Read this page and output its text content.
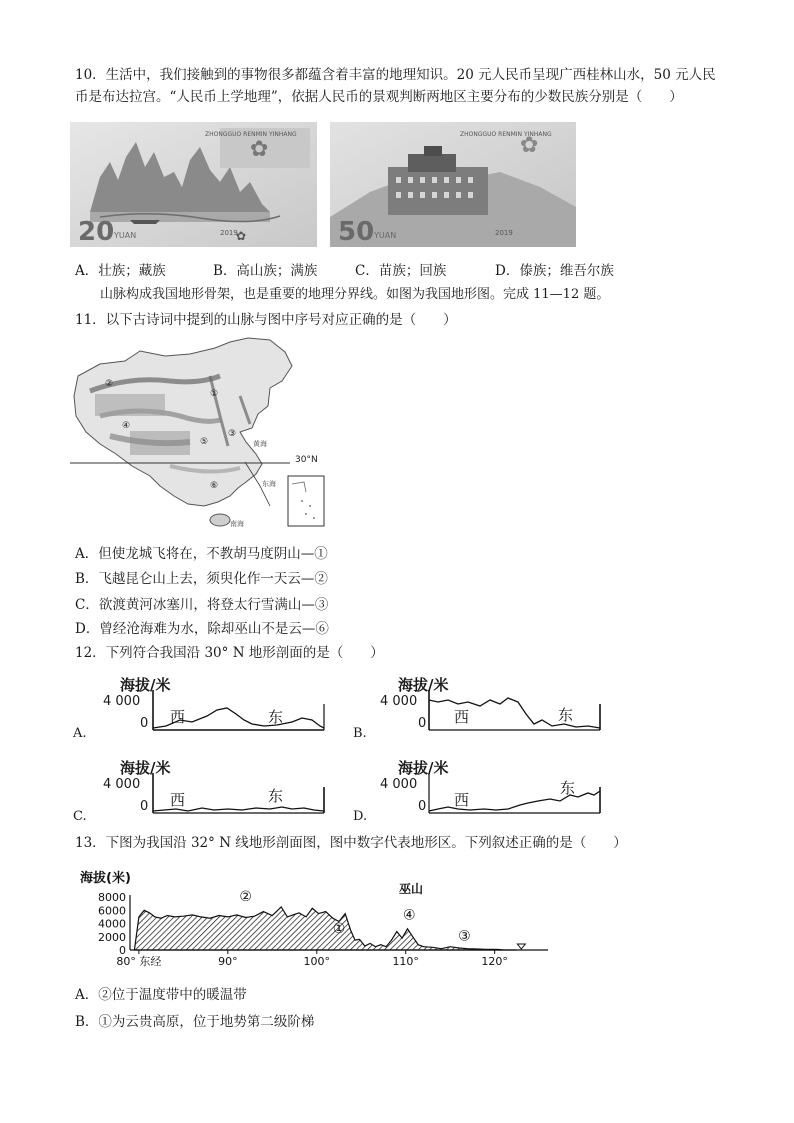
10．生活中，我们接触到的事物很多都蕴含着丰富的地理知识。20 元人民币呈现广西桂林山水，50 元人民
币是布达拉宫。“人民币上学地理”，依据人民币的景观判断两地区主要分布的少数民族分别是（　　）
✿
20 YUAN
ZHONGGUO RENMIN YINHANG
2019
✿	50 YUAN
ZHONGGUO RENMIN YINHANG
2019
✿
A．壮族；藏族	B．高山族；满族	C．苗族；回族	D．傣族；维吾尔族
山脉构成我国地形骨架，也是重要的地理分界线。如图为我国地形图。完成 11—12 题。
11．以下古诗词中提到的山脉与图中序号对应正确的是（　　）
④
②
①
③
⑤
⑥
30°N
黄海
东海
南海
A．但使龙城飞将在，不教胡马度阴山—①
B．飞越昆仑山上去，须臾化作一天云—②
C．欲渡黄河冰塞川，将登太行雪满山—③
D．曾经沧海难为水，除却巫山不是云—⑥
12．下列符合我国沿 30° N 地形剖面的是（　　）
A.
海拔/米
4 000
0 西	东
B.
海拔/米
4 000
0 西	东
C.
海拔/米
4 000
0 西	东
D.
海拔/米
4 000
0 西
东
13．下图为我国沿 32° N 线地形剖面图，图中数字代表地形区。下列叙述正确的是（　　）
海拔(米)
8000
6000
4000
2000
0
80° 东经	90°	100°	110°	120°
①
②
③
④
巫山
A．②位于温度带中的暖温带
B．①为云贵高原，位于地势第二级阶梯
